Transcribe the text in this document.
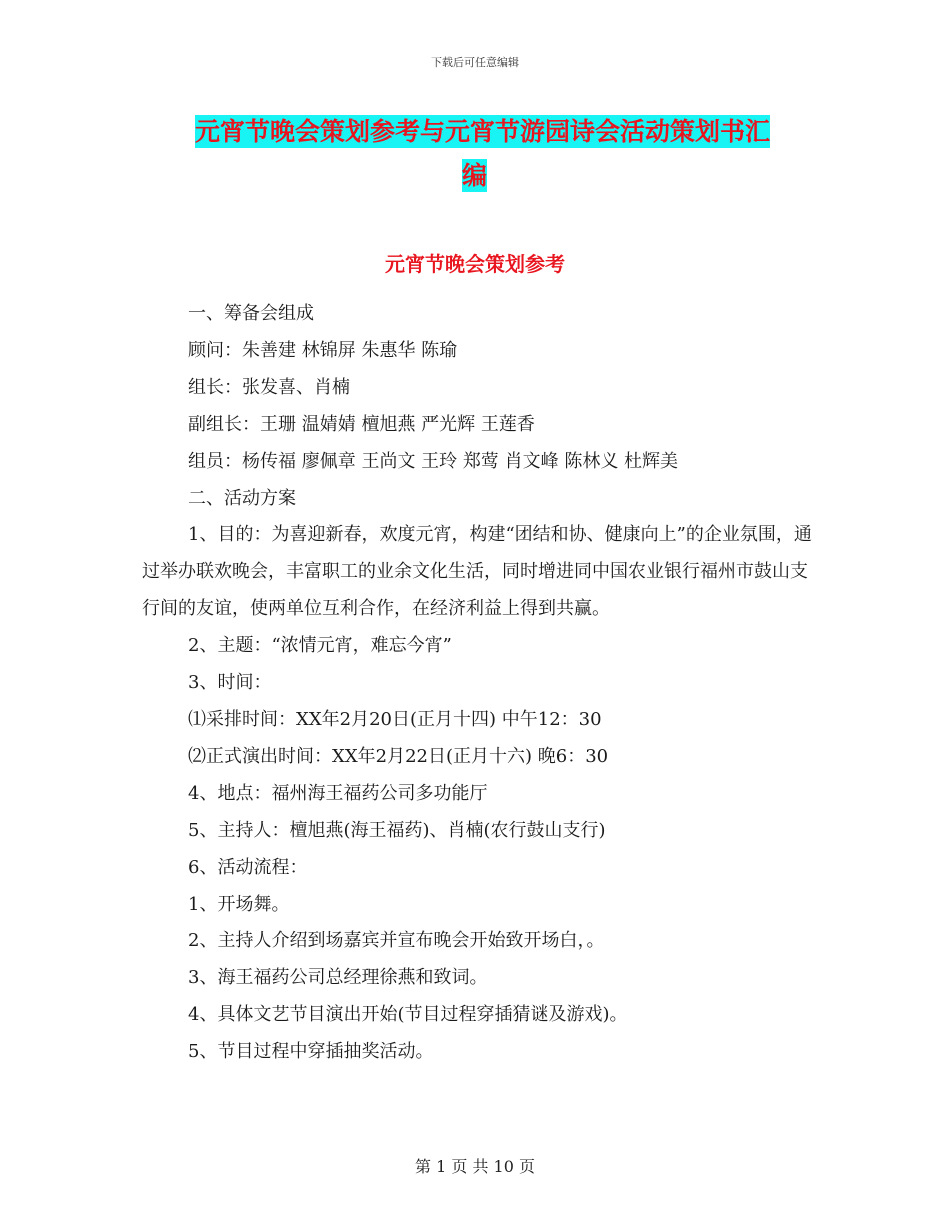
下载后可任意编辑
元宵节晚会策划参考与元宵节游园诗会活动策划书汇
编
元宵节晚会策划参考

一、筹备会组成

顾问：朱善建 林锦屏 朱惠华 陈瑜

组长：张发喜、肖楠

副组长：王珊 温婧婧 檀旭燕 严光辉 王莲香

组员：杨传福 廖佩章 王尚文 王玲 郑莺 肖文峰 陈林义 杜辉美

二、活动方案

1、目的：为喜迎新春，欢度元宵，构建“团结和协、健康向上”的企业氛围，通过举办联欢晚会，丰富职工的业余文化生活，同时增进同中国农业银行福州市鼓山支行间的友谊，使两单位互利合作，在经济利益上得到共赢。

2、主题：“浓情元宵，难忘今宵”

3、时间：

⑴采排时间：XX年2月20日(正月十四) 中午12：30

⑵正式演出时间：XX年2月22日(正月十六) 晚6：30

4、地点：福州海王福药公司多功能厅

5、主持人：檀旭燕(海王福药)、肖楠(农行鼓山支行)

6、活动流程：

1、开场舞。

2、主持人介绍到场嘉宾并宣布晚会开始致开场白，。

3、海王福药公司总经理徐燕和致词。

4、具体文艺节目演出开始(节目过程穿插猜谜及游戏)。

5、节目过程中穿插抽奖活动。

第 1 页 共 10 页
